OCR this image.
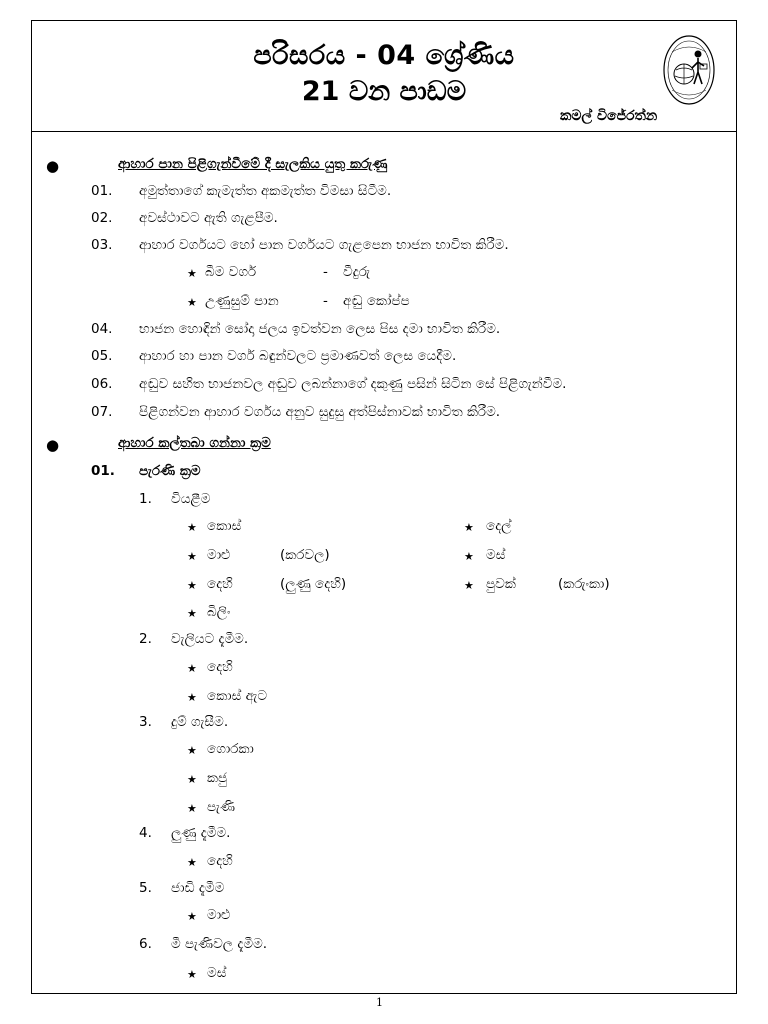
පරිසරය - 04 ශ්‍රේණිය
21 වන පාඩම
කමල් විජේරත්න
●	ආහාර පාන පිළිගැන්වීමේ දී සැලකිය යුතු කරුණු
01. අමුත්තාගේ කැමැත්ත අකමැත්ත විමසා සිටීම.
02. අවස්ථාවට ඇති ගැළපීම.
03. ආහාර වර්ගයට හෝ පාන වර්ගයට ගැළපෙන භාජන භාවිත කිරීම.
★ බීම වර්ග	- වීදුරු
★ උණුසුම් පාන	- අඬු කෝප්ප
04. භාජන හොඳින් සෝදා ජලය ඉවත්වන ලෙස පිස දමා භාවිත කිරීම.
05. ආහාර හා පාන වර්ග බඳුන්වලට ප්‍රමාණවත් ලෙස යෙදීම.
06. අඬුව සහිත භාජනවල අඬුව ලබන්නාගේ දකුණු පසින් සිටින සේ පිළිගැන්වීම.
07. පිළිගන්වන ආහාර වර්ගය අනුව සුදුසු අත්පිස්නාවක් භාවිත කිරීම.
●	ආහාර කල්තබා ගන්නා ක්‍රම
01. පැරණි ක්‍රම
1. වියළීම
★ කොස්	★ දෙල්
★ මාළු	(කරවල)	★ මස්
★ දෙහි	(ලුණු දෙහි)	★ පුවක්	(කරුංකා)
★ බිලිං
2. වැලියට දැමීම.
★ දෙහි
★ කොස් ඇට
3. දුම් ගැසීම.
★ ගොරකා
★ කජු
★ පැණි
4. ලුණු දැමීම.
★ දෙහි
5. ජාඩි දැමීම
★ මාළු
6. මී පැණිවල දැමීම.
★ මස්
1
